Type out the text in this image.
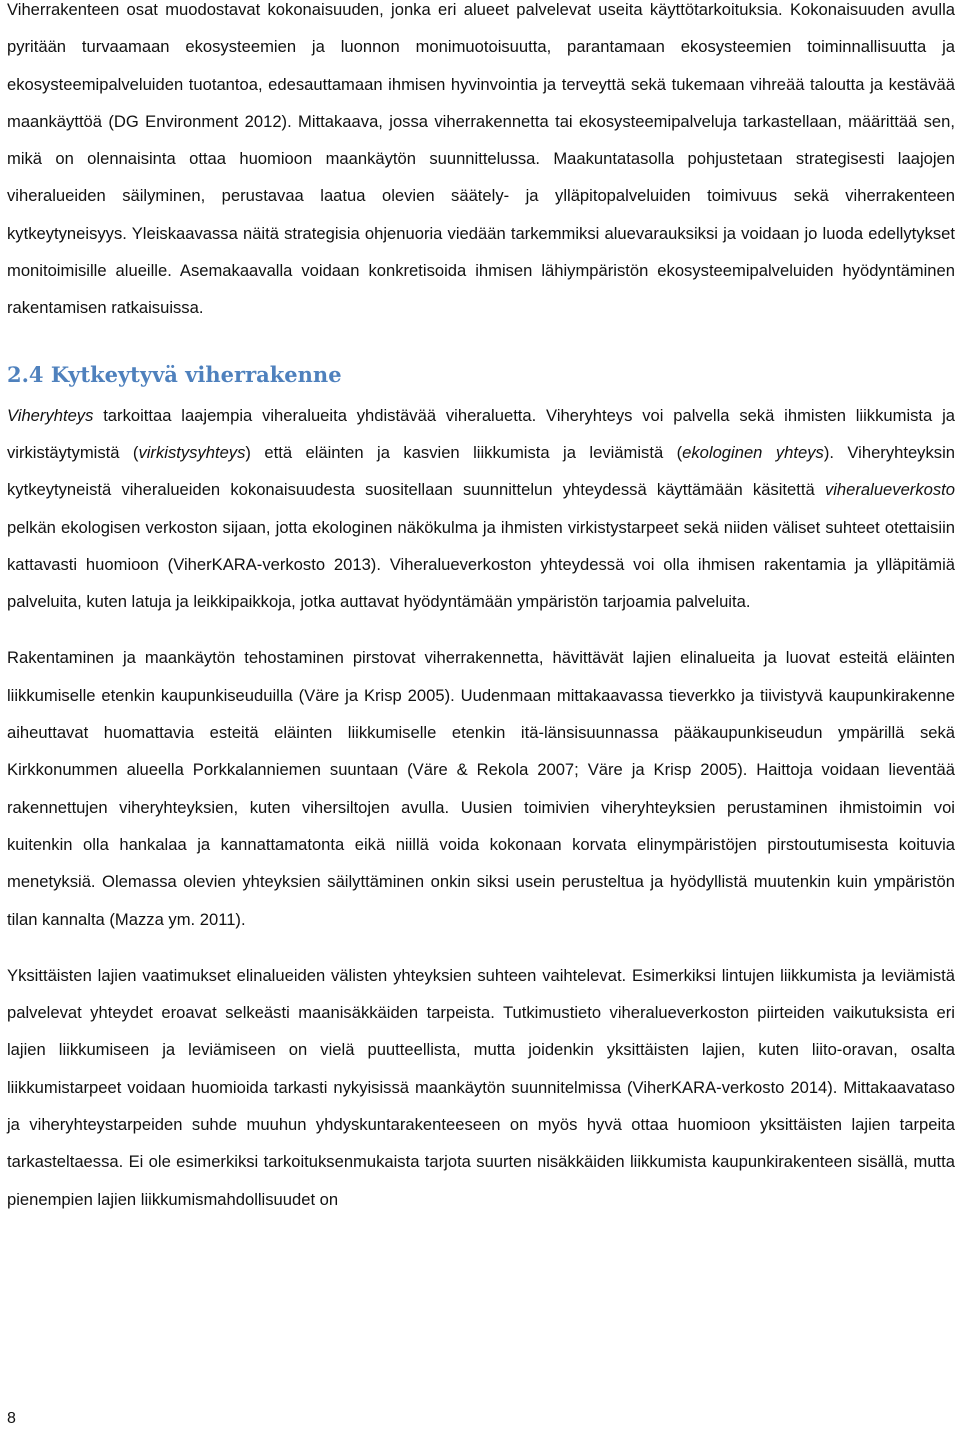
Viherrakenteen osat muodostavat kokonaisuuden, jonka eri alueet palvelevat useita käyttötarkoituksia. Kokonaisuuden avulla pyritään turvaamaan ekosysteemien ja luonnon monimuotoisuutta, parantamaan ekosysteemien toiminnallisuutta ja ekosysteemipalveluiden tuotantoa, edesauttamaan ihmisen hyvinvointia ja terveyttä sekä tukemaan vihreää taloutta ja kestävää maankäyttöä (DG Environment 2012). Mittakaava, jossa viherrakennetta tai ekosysteemipalveluja tarkastellaan, määrittää sen, mikä on olennaisinta ottaa huomioon maankäytön suunnittelussa. Maakuntatasolla pohjustetaan strategisesti laajojen viheralueiden säilyminen, perustavaa laatua olevien säätely- ja ylläpitopalveluiden toimivuus sekä viherrakenteen kytkeytyneisyys. Yleiskaavassa näitä strategisia ohjenuoria viedään tarkemmiksi aluevarauksiksi ja voidaan jo luoda edellytykset monitoimisille alueille. Asemakaavalla voidaan konkretisoida ihmisen lähiympäristön ekosysteemipalveluiden hyödyntäminen rakentamisen ratkaisuissa.

2.4 Kytkeytyvä viherrakenne

Viheryhteys tarkoittaa laajempia viheralueita yhdistävää viheraluetta. Viheryhteys voi palvella sekä ihmisten liikkumista ja virkistäytymistä (virkistysyhteys) että eläinten ja kasvien liikkumista ja leviämistä (ekologinen yhteys). Viheryhteyksin kytkeytyneistä viheralueiden kokonaisuudesta suositellaan suunnittelun yhteydessä käyttämään käsitettä viheralueverkosto pelkän ekologisen verkoston sijaan, jotta ekologinen näkökulma ja ihmisten virkistystarpeet sekä niiden väliset suhteet otettaisiin kattavasti huomioon (ViherKARA-verkosto 2013). Viheralueverkoston yhteydessä voi olla ihmisen rakentamia ja ylläpitämiä palveluita, kuten latuja ja leikkipaikkoja, jotka auttavat hyödyntämään ympäristön tarjoamia palveluita.

Rakentaminen ja maankäytön tehostaminen pirstovat viherrakennetta, hävittävät lajien elinalueita ja luovat esteitä eläinten liikkumiselle etenkin kaupunkiseuduilla (Väre ja Krisp 2005). Uudenmaan mittakaavassa tieverkko ja tiivistyvä kaupunkirakenne aiheuttavat huomattavia esteitä eläinten liikkumiselle etenkin itä-länsisuunnassa pääkaupunkiseudun ympärillä sekä Kirkkonummen alueella Porkkalanniemen suuntaan (Väre & Rekola 2007; Väre ja Krisp 2005). Haittoja voidaan lieventää rakennettujen viheryhteyksien, kuten vihersiltojen avulla. Uusien toimivien viheryhteyksien perustaminen ihmistoimin voi kuitenkin olla hankalaa ja kannattamatonta eikä niillä voida kokonaan korvata elinympäristöjen pirstoutumisesta koituvia menetyksiä. Olemassa olevien yhteyksien säilyttäminen onkin siksi usein perusteltua ja hyödyllistä muutenkin kuin ympäristön tilan kannalta (Mazza ym. 2011).

Yksittäisten lajien vaatimukset elinalueiden välisten yhteyksien suhteen vaihtelevat. Esimerkiksi lintujen liikkumista ja leviämistä palvelevat yhteydet eroavat selkeästi maanisäkkäiden tarpeista. Tutkimustieto viheralueverkoston piirteiden vaikutuksista eri lajien liikkumiseen ja leviämiseen on vielä puutteellista, mutta joidenkin yksittäisten lajien, kuten liito-oravan, osalta liikkumistarpeet voidaan huomioida tarkasti nykyisissä maankäytön suunnitelmissa (ViherKARA-verkosto 2014). Mittakaavataso ja viheryhteystarpeiden suhde muuhun yhdyskuntarakenteeseen on myös hyvä ottaa huomioon yksittäisten lajien tarpeita tarkasteltaessa. Ei ole esimerkiksi tarkoituksenmukaista tarjota suurten nisäkkäiden liikkumista kaupunkirakenteen sisällä, mutta pienempien lajien liikkumismahdollisuudet on

8
